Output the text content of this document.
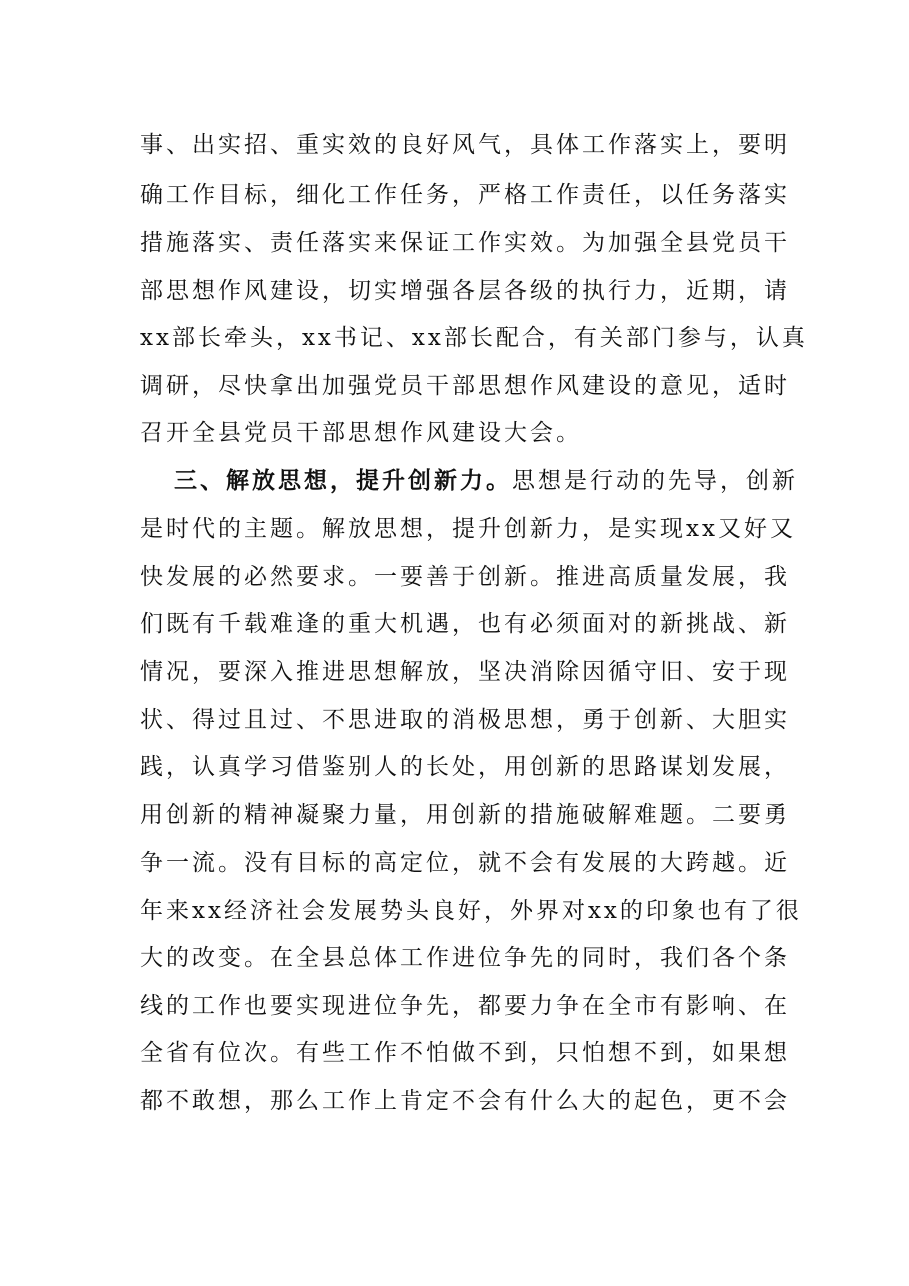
事、出实招、重实效的良好风气，具体工作落实上，要明
确工作目标，细化工作任务，严格工作责任，以任务落实
措施落实、责任落实来保证工作实效。为加强全县党员干
部思想作风建设，切实增强各层各级的执行力，近期，请
xx部长牵头，xx书记、xx部长配合，有关部门参与，认真
调研，尽快拿出加强党员干部思想作风建设的意见，适时
召开全县党员干部思想作风建设大会。
三、解放思想，提升创新力。思想是行动的先导，创新
是时代的主题。解放思想，提升创新力，是实现xx又好又
快发展的必然要求。一要善于创新。推进高质量发展，我
们既有千载难逢的重大机遇，也有必须面对的新挑战、新
情况，要深入推进思想解放，坚决消除因循守旧、安于现
状、得过且过、不思进取的消极思想，勇于创新、大胆实
践，认真学习借鉴别人的长处，用创新的思路谋划发展，
用创新的精神凝聚力量，用创新的措施破解难题。二要勇
争一流。没有目标的高定位，就不会有发展的大跨越。近
年来xx经济社会发展势头良好，外界对xx的印象也有了很
大的改变。在全县总体工作进位争先的同时，我们各个条
线的工作也要实现进位争先，都要力争在全市有影响、在
全省有位次。有些工作不怕做不到，只怕想不到，如果想
都不敢想，那么工作上肯定不会有什么大的起色，更不会
